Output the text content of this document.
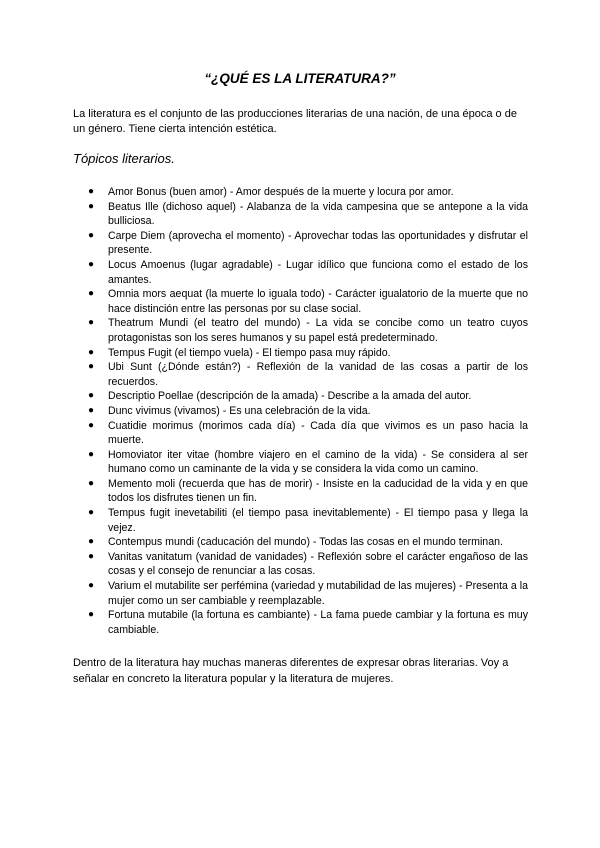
“¿QUÉ ES LA LITERATURA?”

La literatura es el conjunto de las producciones literarias de una nación, de una época o de un género. Tiene cierta intención estética.

Tópicos literarios.
● Amor Bonus (buen amor) - Amor después de la muerte y locura por amor.
● Beatus Ille (dichoso aquel) - Alabanza de la vida campesina que se antepone a la vida bulliciosa.
● Carpe Diem (aprovecha el momento) - Aprovechar todas las oportunidades y disfrutar el presente.
● Locus Amoenus (lugar agradable) - Lugar idílico que funciona como el estado de los amantes.
● Omnia mors aequat (la muerte lo iguala todo) - Carácter igualatorio de la muerte que no hace distinción entre las personas por su clase social.
● Theatrum Mundi (el teatro del mundo) - La vida se concibe como un teatro cuyos protagonistas son los seres humanos y su papel está predeterminado.
● Tempus Fugit (el tiempo vuela) - El tiempo pasa muy rápido.
● Ubi Sunt (¿Dónde están?) - Reflexión de la vanidad de las cosas a partir de los recuerdos.
● Descriptio Poellae (descripción de la amada) - Describe a la amada del autor.
● Dunc vivimus (vivamos) - Es una celebración de la vida.
● Cuatidie morimus (morimos cada día) - Cada día que vivimos es un paso hacia la muerte.
● Homoviator iter vitae (hombre viajero en el camino de la vida) - Se considera al ser humano como un caminante de la vida y se considera la vida como un camino.
● Memento moli (recuerda que has de morir) - Insiste en la caducidad de la vida y en que todos los disfrutes tienen un fin.
● Tempus fugit inevetabiliti (el tiempo pasa inevitablemente) - El tiempo pasa y llega la vejez.
● Contempus mundi (caducación del mundo) - Todas las cosas en el mundo terminan.
● Vanitas vanitatum (vanidad de vanidades) - Reflexión sobre el carácter engañoso de las cosas y el consejo de renunciar a las cosas.
● Varium el mutabilite ser perfémina (variedad y mutabilidad de las mujeres) - Presenta a la mujer como un ser cambiable y reemplazable.
● Fortuna mutabile (la fortuna es cambiante) - La fama puede cambiar y la fortuna es muy cambiable.

Dentro de la literatura hay muchas maneras diferentes de expresar obras literarias. Voy a señalar en concreto la literatura popular y la literatura de mujeres.
